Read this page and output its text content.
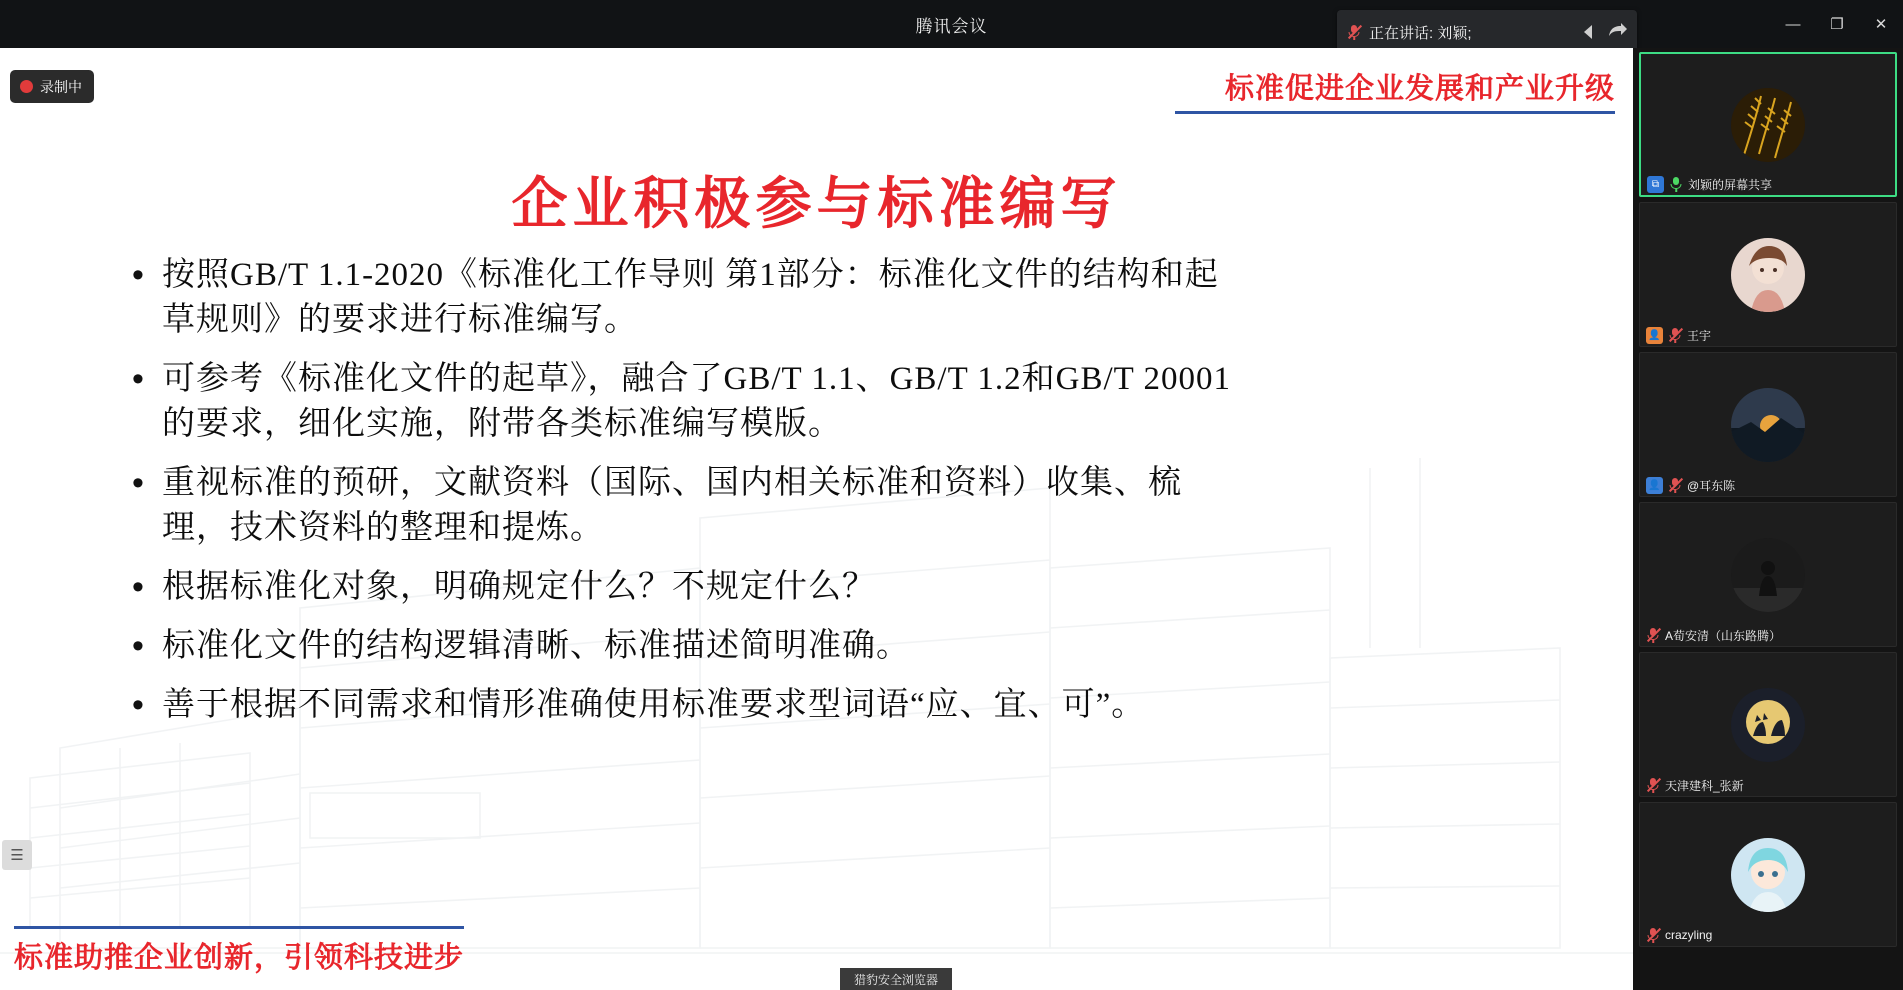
腾讯会议	—	❐	✕
正在讲话: 刘颖;
录制中	标准促进企业发展和产业升级
企业积极参与标准编写
• 按照GB/T 1.1-2020《标准化工作导则 第1部分：标准化文件的结构和起草规则》的要求进行标准编写。
• 可参考《标准化文件的起草》，融合了GB/T 1.1、GB/T 1.2和GB/T 20001的要求，细化实施，附带各类标准编写模版。
• 重视标准的预研，文献资料（国际、国内相关标准和资料）收集、梳理，技术资料的整理和提炼。
• 根据标准化对象，明确规定什么？不规定什么？
• 标准化文件的结构逻辑清晰、标准描述简明准确。
• 善于根据不同需求和情形准确使用标准要求型词语“应、宜、可”。
标准助推企业创新，引领科技进步
☰
猎豹安全浏览器
⧉	刘颖的屏幕共享
👤 王宇
👤 @耳东陈
A荀安清（山东路腾）
天津建科_张新
crazyling
